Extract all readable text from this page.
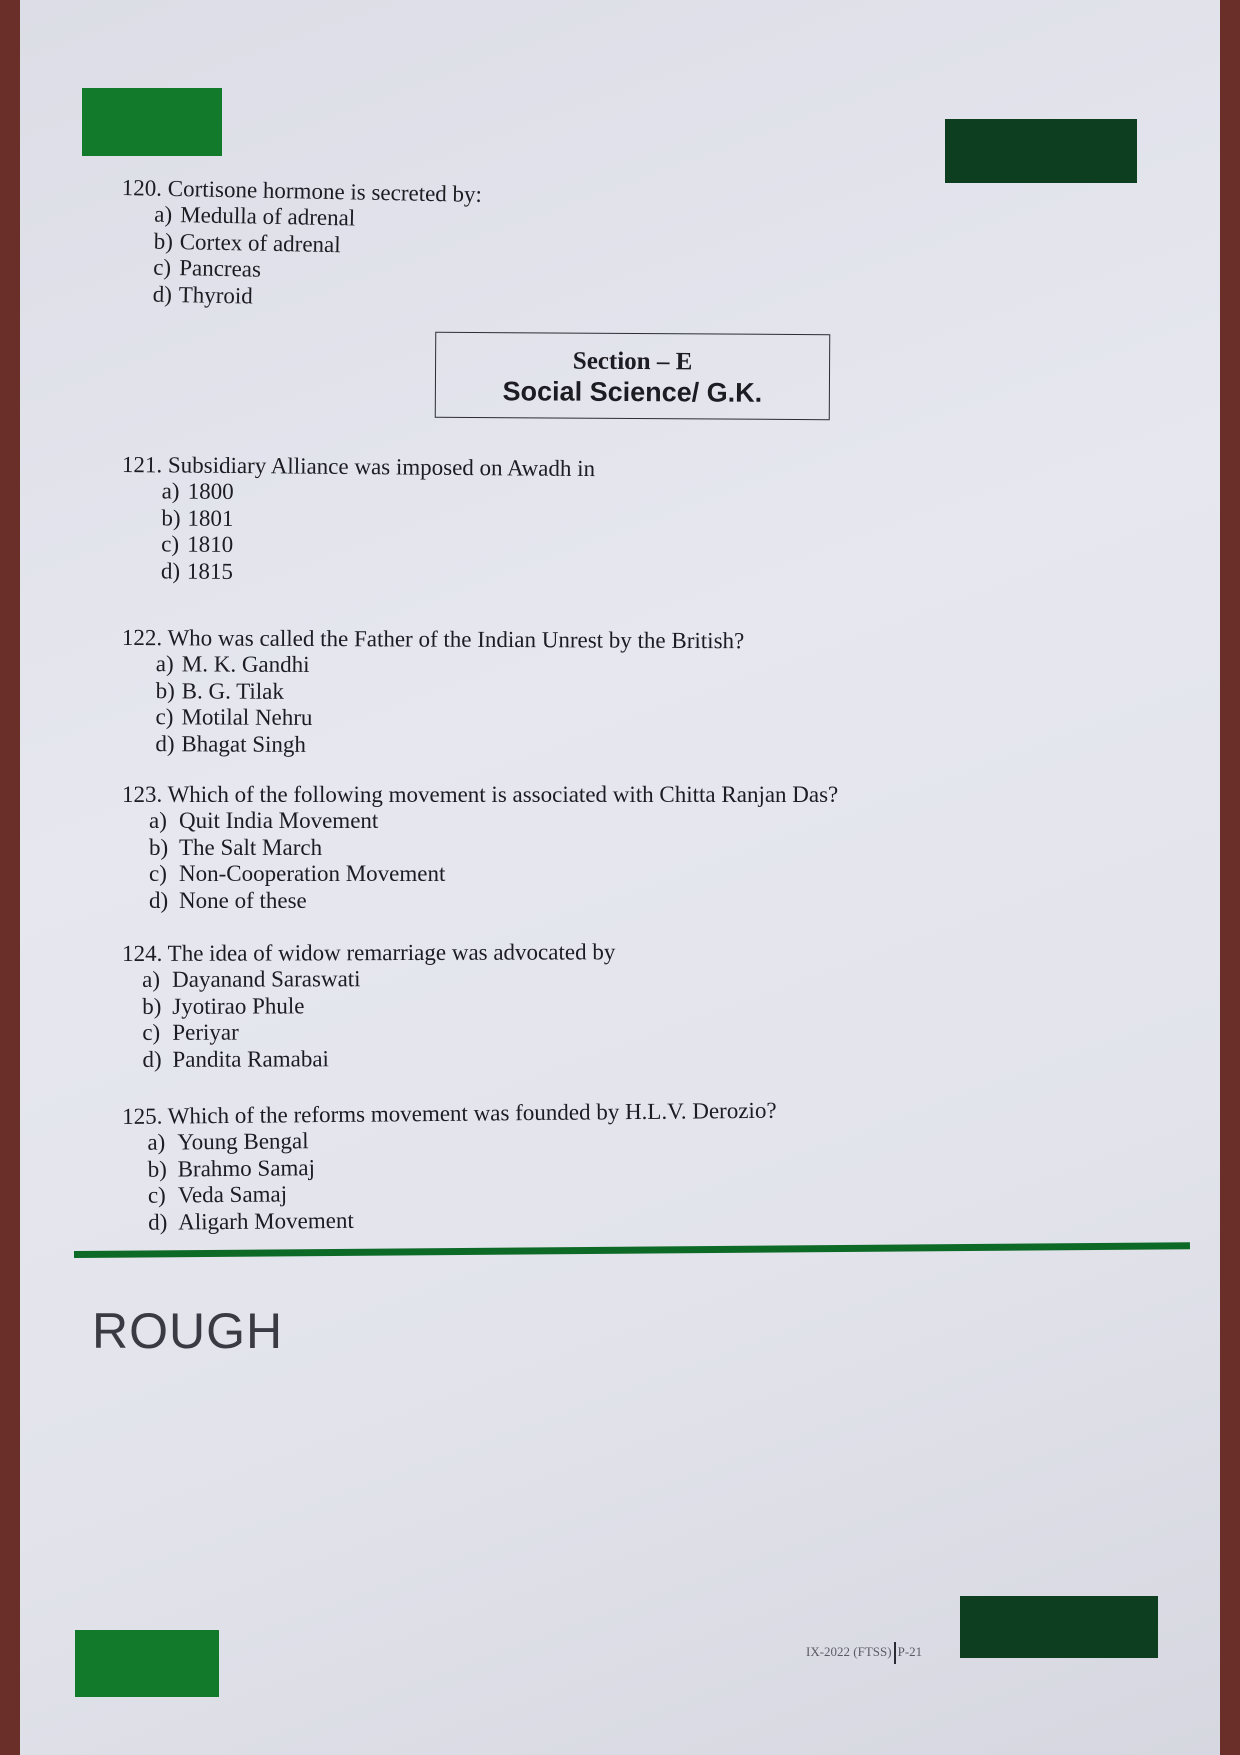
120. Cortisone hormone is secreted by:
a) Medulla of adrenal
b) Cortex of adrenal
c) Pancreas
d) Thyroid
Section – E
Social Science/ G.K.
121. Subsidiary Alliance was imposed on Awadh in
a) 1800
b) 1801
c) 1810
d) 1815
122. Who was called the Father of the Indian Unrest by the British?
a) M. K. Gandhi
b) B. G. Tilak
c) Motilal Nehru
d) Bhagat Singh
123. Which of the following movement is associated with Chitta Ranjan Das?
a) Quit India Movement
b) The Salt March
c) Non-Cooperation Movement
d) None of these
124. The idea of widow remarriage was advocated by
a) Dayanand Saraswati
b) Jyotirao Phule
c) Periyar
d) Pandita Ramabai
125. Which of the reforms movement was founded by H.L.V. Derozio?
a) Young Bengal
b) Brahmo Samaj
c) Veda Samaj
d) Aligarh Movement
ROUGH
IX-2022 (FTSS) P-21
